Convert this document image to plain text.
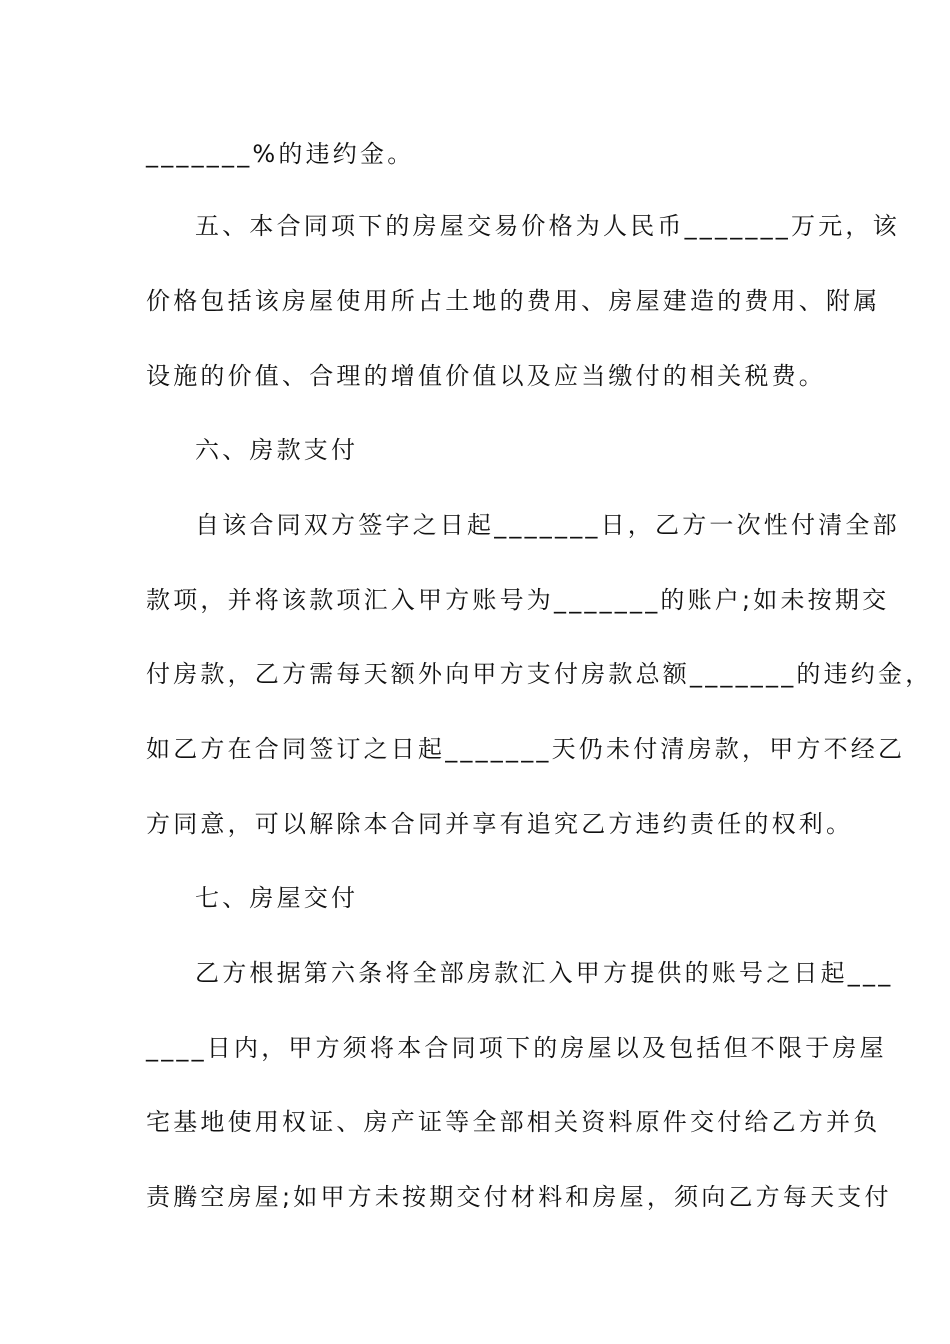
_______%的违约金。
五、本合同项下的房屋交易价格为人民币_______万元，该
价格包括该房屋使用所占土地的费用、房屋建造的费用、附属
设施的价值、合理的增值价值以及应当缴付的相关税费。
六、房款支付
自该合同双方签字之日起_______日，乙方一次性付清全部
款项，并将该款项汇入甲方账号为_______的账户;如未按期交
付房款，乙方需每天额外向甲方支付房款总额_______的违约金，
如乙方在合同签订之日起_______天仍未付清房款，甲方不经乙
方同意，可以解除本合同并享有追究乙方违约责任的权利。
七、房屋交付
乙方根据第六条将全部房款汇入甲方提供的账号之日起___
____日内，甲方须将本合同项下的房屋以及包括但不限于房屋
宅基地使用权证、房产证等全部相关资料原件交付给乙方并负
责腾空房屋;如甲方未按期交付材料和房屋，须向乙方每天支付
